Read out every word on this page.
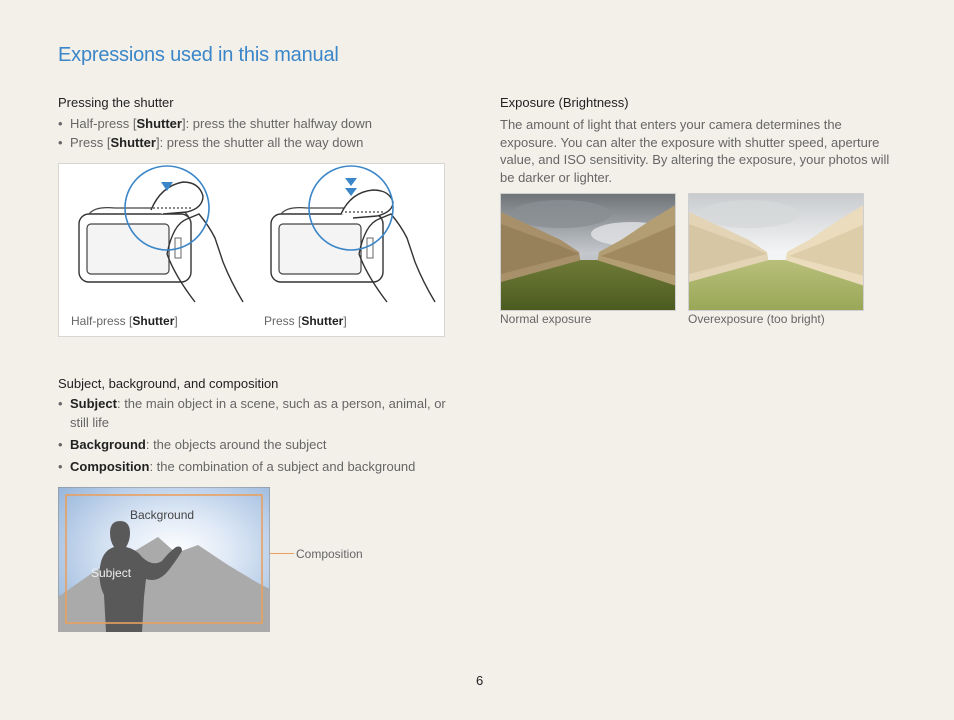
Expressions used in this manual
Pressing the shutter
• Half-press [Shutter]: press the shutter halfway down
• Press [Shutter]: press the shutter all the way down
Half-press [Shutter]	Press [Shutter]
Subject, background, and composition
• Subject: the main object in a scene, such as a person, animal, or still life
• Background: the objects around the subject
• Composition: the combination of a subject and background
Background
Subject
Composition
Exposure (Brightness)
The amount of light that enters your camera determines the exposure. You can alter the exposure with shutter speed, aperture value, and ISO sensitivity. By altering the exposure, your photos will be darker or lighter.
Normal exposure	Overexposure (too bright)
6
